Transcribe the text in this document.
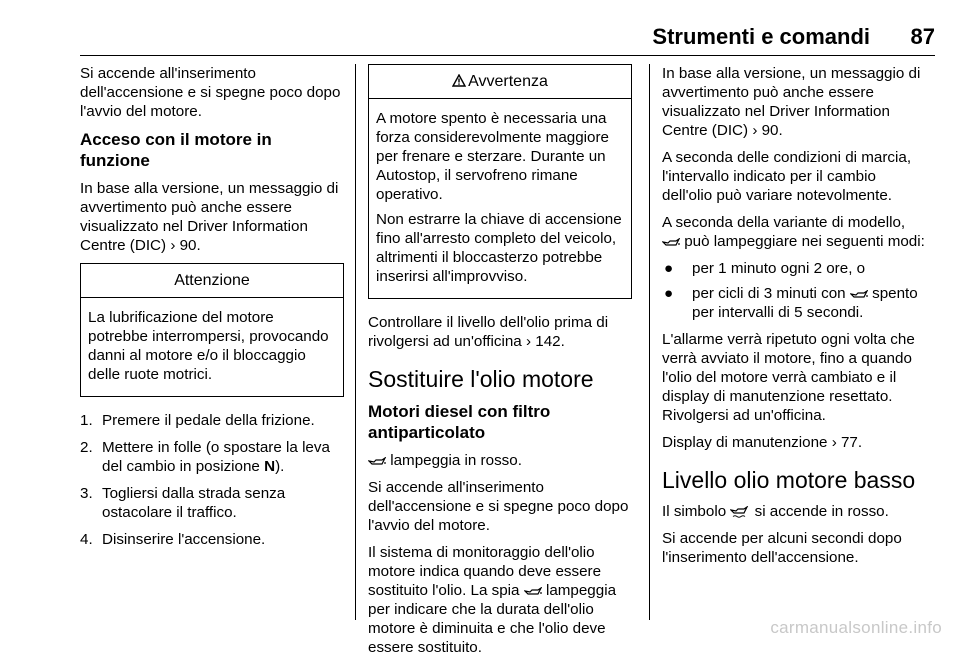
Strumenti e comandi 87

Si accende all'inserimento dell'accensione e si spegne poco dopo l'avvio del motore.

Acceso con il motore in funzione

In base alla versione, un messaggio di avvertimento può anche essere visualizzato nel Driver Information Centre (DIC) › 90.

Attenzione

La lubrificazione del motore potrebbe interrompersi, provocando danni al motore e/o il bloccaggio delle ruote motrici.

1. Premere il pedale della frizione.
2. Mettere in folle (o spostare la leva del cambio in posizione N).
3. Togliersi dalla strada senza ostacolare il traffico.
4. Disinserire l'accensione.
Avvertenza

A motore spento è necessaria una forza considerevolmente maggiore per frenare e sterzare. Durante un Autostop, il servofreno rimane operativo.

Non estrarre la chiave di accensione fino all'arresto completo del veicolo, altrimenti il bloccasterzo potrebbe inserirsi all'improvviso.

Controllare il livello dell'olio prima di rivolgersi ad un'officina › 142.

Sostituire l'olio motore
Motori diesel con filtro antiparticolato

lampeggia in rosso.

Si accende all'inserimento dell'accensione e si spegne poco dopo l'avvio del motore.

Il sistema di monitoraggio dell'olio motore indica quando deve essere sostituito l'olio. La spia  lampeggia per indicare che la durata dell'olio motore è diminuita e che l'olio deve essere sostituito.

In base alla versione, un messaggio di avvertimento può anche essere visualizzato nel Driver Information Centre (DIC) › 90.

A seconda delle condizioni di marcia, l'intervallo indicato per il cambio dell'olio può variare notevolmente.

A seconda della variante di modello,
può lampeggiare nei seguenti modi:

●	per 1 minuto ogni 2 ore, o
●	per cicli di 3 minuti con  spento per intervalli di 5 secondi.

L'allarme verrà ripetuto ogni volta che verrà avviato il motore, fino a quando l'olio del motore verrà cambiato e il display di manutenzione resettato. Rivolgersi ad un'officina.

Display di manutenzione › 77.

Livello olio motore basso

Il simbolo  si accende in rosso.

Si accende per alcuni secondi dopo l'inserimento dell'accensione.

carmanualsonline.info
